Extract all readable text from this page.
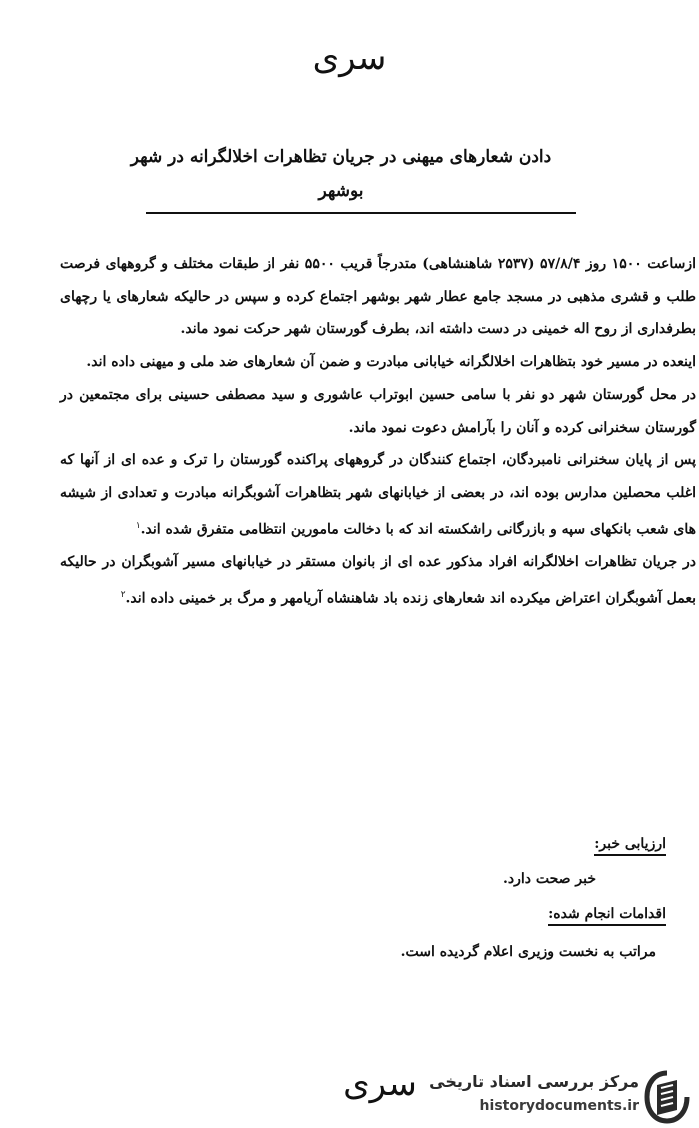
سری
دادن شعارهای میهنی در جریان تظاهرات اخلالگرانه در شهر
بوشهر

ازساعت ۱۵۰۰ روز ۵۷/۸/۴ (۲۵۳۷ شاهنشاهی) متدرجاً قریب ۵۵۰۰ نفر از طبقات مختلف و گروههای فرصت طلب و قشری مذهبی در مسجد جامع عطار شهر بوشهر اجتماع کرده و سپس در حالیکه شعارهای یا رچهای بطرفداری از روح اله خمینی در دست داشته اند، بطرف گورستان شهر حرکت نمود ماند.

اینعده در مسیر خود بتظاهرات اخلالگرانه خیابانی مبادرت و ضمن آن شعارهای ضد ملی و میهنی داده اند.

در محل گورستان شهر دو نفر با سامی حسین ابوتراب عاشوری و سید مصطفی حسینی برای مجتمعین در گورستان سخنرانی کرده و آنان را بآرامش دعوت نمود ماند.

پس از پایان سخنرانی نامبردگان، اجتماع کنندگان در گروههای پراکنده گورستان را ترک و عده ای از آنها که اغلب محصلین مدارس بوده اند، در بعضی از خیابانهای شهر بتظاهرات آشوبگرانه مبادرت و تعدادی از شیشه های شعب بانکهای سپه و بازرگانی راشکسته اند که با دخالت مامورین انتظامی متفرق شده اند.$^۱$

در جریان تظاهرات اخلالگرانه افراد مذکور عده ای از بانوان مستقر در خیابانهای مسیر آشوبگران در حالیکه بعمل آشوبگران اعتراض میکرده اند شعارهای زنده باد شاهنشاه آریامهر و مرگ بر خمینی داده اند.$^۲$

ارزیابی خبر:
خبر صحت دارد.
اقدامات انجام شده:
مراتب به نخست وزیری اعلام گردیده است.
سری مرکز بررسی اسناد تاریخی
historydocuments.ir
